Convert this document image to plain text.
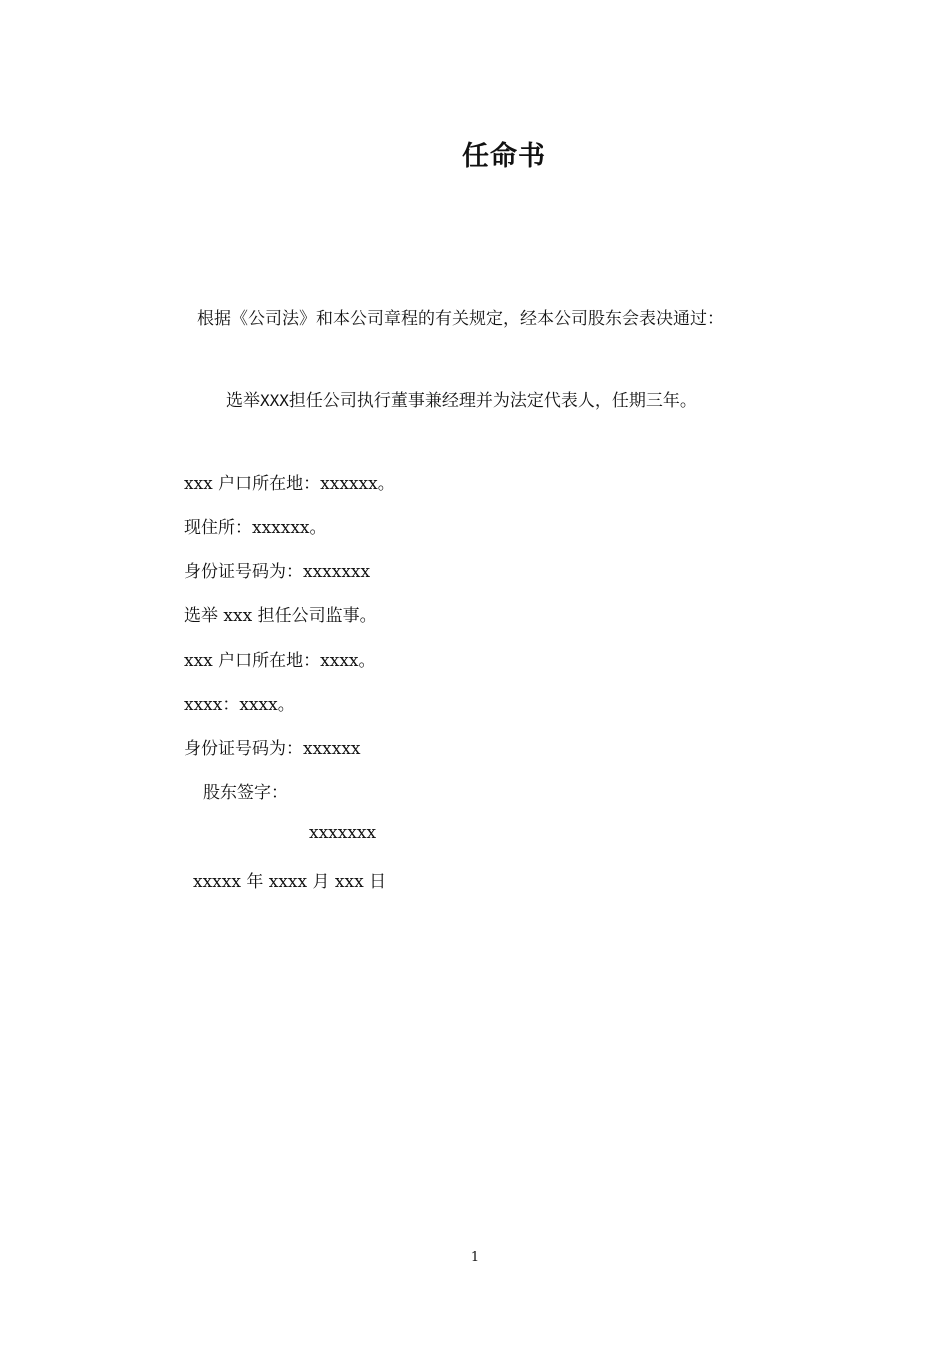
任命书
根据《公司法》和本公司章程的有关规定，经本公司股东会表决通过：
选举XXX担任公司执行董事兼经理并为法定代表人，任期三年。
xxx 户口所在地：xxxxxx。
现住所：xxxxxx。
身份证号码为：xxxxxxx
选举 xxx 担任公司监事。
xxx 户口所在地：xxxx。
xxxx：xxxx。
身份证号码为：xxxxxx
股东签字：
xxxxxxx
xxxxx 年 xxxx 月 xxx 日
1
